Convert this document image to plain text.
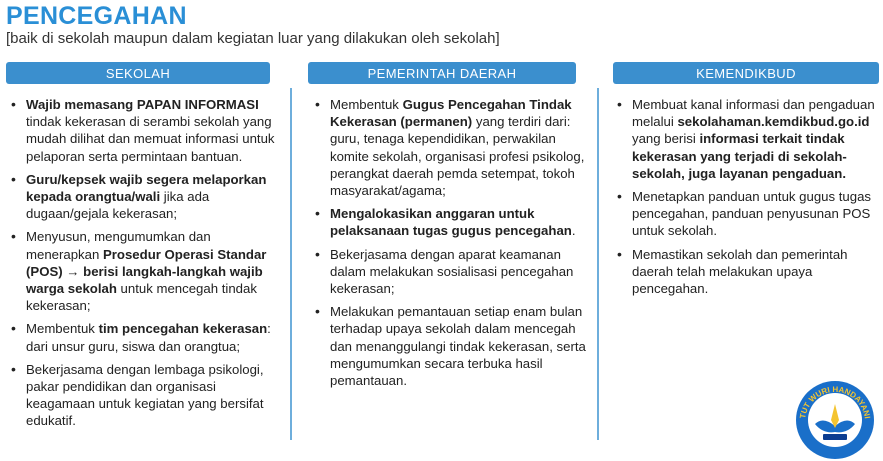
PENCEGAHAN
[baik di sekolah maupun dalam kegiatan luar yang dilakukan oleh sekolah]
SEKOLAH
• Wajib memasang PAPAN INFORMASI tindak kekerasan di serambi sekolah yang mudah dilihat dan memuat informasi untuk pelaporan serta permintaan bantuan.
• Guru/kepsek wajib segera melaporkan kepada orangtua/wali jika ada dugaan/gejala kekerasan;
• Menyusun, mengumumkan dan menerapkan Prosedur Operasi Standar (POS) → berisi langkah-langkah wajib warga sekolah untuk mencegah tindak kekerasan;
• Membentuk tim pencegahan kekerasan: dari unsur guru, siswa dan orangtua;
• Bekerjasama dengan lembaga psikologi, pakar pendidikan dan organisasi keagamaan untuk kegiatan yang bersifat edukatif.
PEMERINTAH DAERAH
• Membentuk Gugus Pencegahan Tindak Kekerasan (permanen) yang terdiri dari: guru, tenaga kependidikan, perwakilan komite sekolah, organisasi profesi psikolog, perangkat daerah pemda setempat, tokoh masyarakat/agama;
• Mengalokasikan anggaran untuk pelaksanaan tugas gugus pencegahan.
• Bekerjasama dengan aparat keamanan dalam melakukan sosialisasi pencegahan kekerasan;
• Melakukan pemantauan setiap enam bulan terhadap upaya sekolah dalam mencegah dan menanggulangi tindak kekerasan, serta mengumumkan secara terbuka hasil pemantauan.
KEMENDIKBUD
• Membuat kanal informasi dan pengaduan melalui sekolahaman.kemdikbud.go.id yang berisi informasi terkait tindak kekerasan yang terjadi di sekolah-sekolah, juga layanan pengaduan.
• Menetapkan panduan untuk gugus tugas pencegahan, panduan penyusunan POS untuk sekolah.
• Memastikan sekolah dan pemerintah daerah telah melakukan upaya pencegahan.
TUT WURI HANDAYANI
